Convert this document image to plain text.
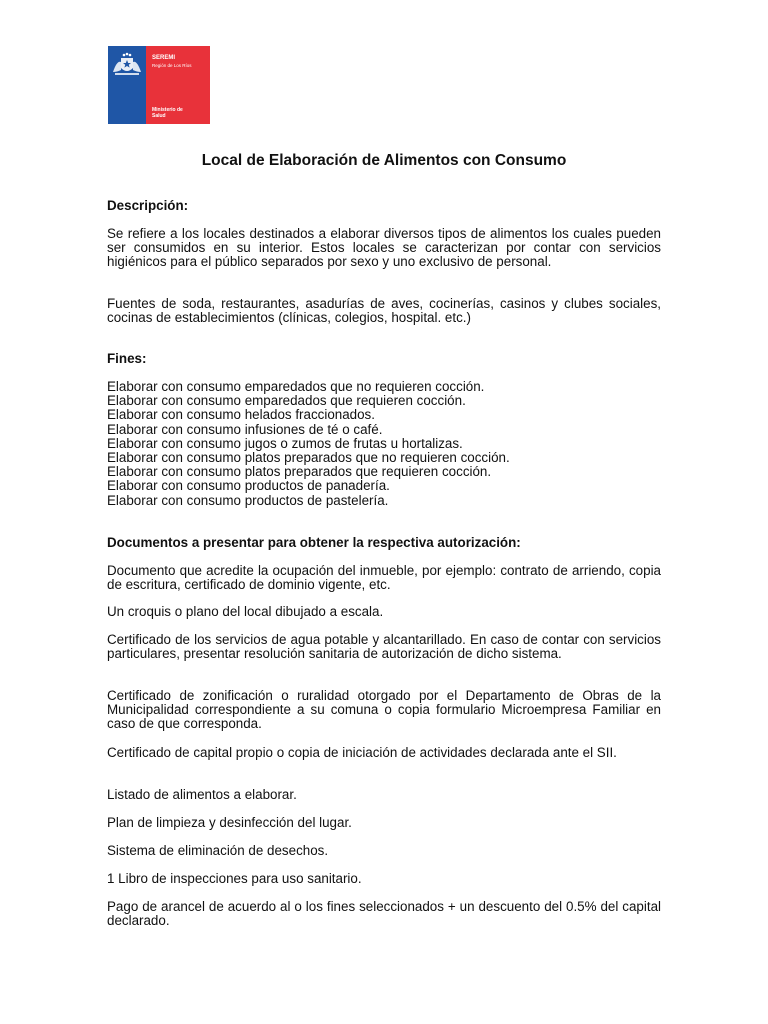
SEREMI
Región de Los Ríos
Ministerio de
Salud
Local de Elaboración de Alimentos con Consumo
Descripción:
Se refiere a los locales destinados a elaborar diversos tipos de alimentos los cuales pueden ser consumidos en su interior. Estos locales se caracterizan por contar con servicios higiénicos para el público separados por sexo y uno exclusivo de personal.
Fuentes de soda, restaurantes, asadurías de aves, cocinerías, casinos y clubes sociales, cocinas de establecimientos (clínicas, colegios, hospital. etc.)
Fines:
Elaborar con consumo emparedados que no requieren cocción.
Elaborar con consumo emparedados que requieren cocción.
Elaborar con consumo helados fraccionados.
Elaborar con consumo infusiones de té o café.
Elaborar con consumo jugos o zumos de frutas u hortalizas.
Elaborar con consumo platos preparados que no requieren cocción.
Elaborar con consumo platos preparados que requieren cocción.
Elaborar con consumo productos de panadería.
Elaborar con consumo productos de pastelería.
Documentos a presentar para obtener la respectiva autorización:
Documento que acredite la ocupación del inmueble, por ejemplo: contrato de arriendo, copia de escritura, certificado de dominio vigente, etc.
Un croquis o plano del local dibujado a escala.
Certificado de los servicios de agua potable y alcantarillado. En caso de contar con servicios particulares, presentar resolución sanitaria de autorización de dicho sistema.
Certificado de zonificación o ruralidad otorgado por el Departamento de Obras de la Municipalidad correspondiente a su comuna o copia formulario Microempresa Familiar en caso de que corresponda.
Certificado de capital propio o copia de iniciación de actividades declarada ante el SII.
Listado de alimentos a elaborar.
Plan de limpieza y desinfección del lugar.
Sistema de eliminación de desechos.
1 Libro de inspecciones para uso sanitario.
Pago de arancel de acuerdo al o los fines seleccionados + un descuento del 0.5% del capital declarado.
